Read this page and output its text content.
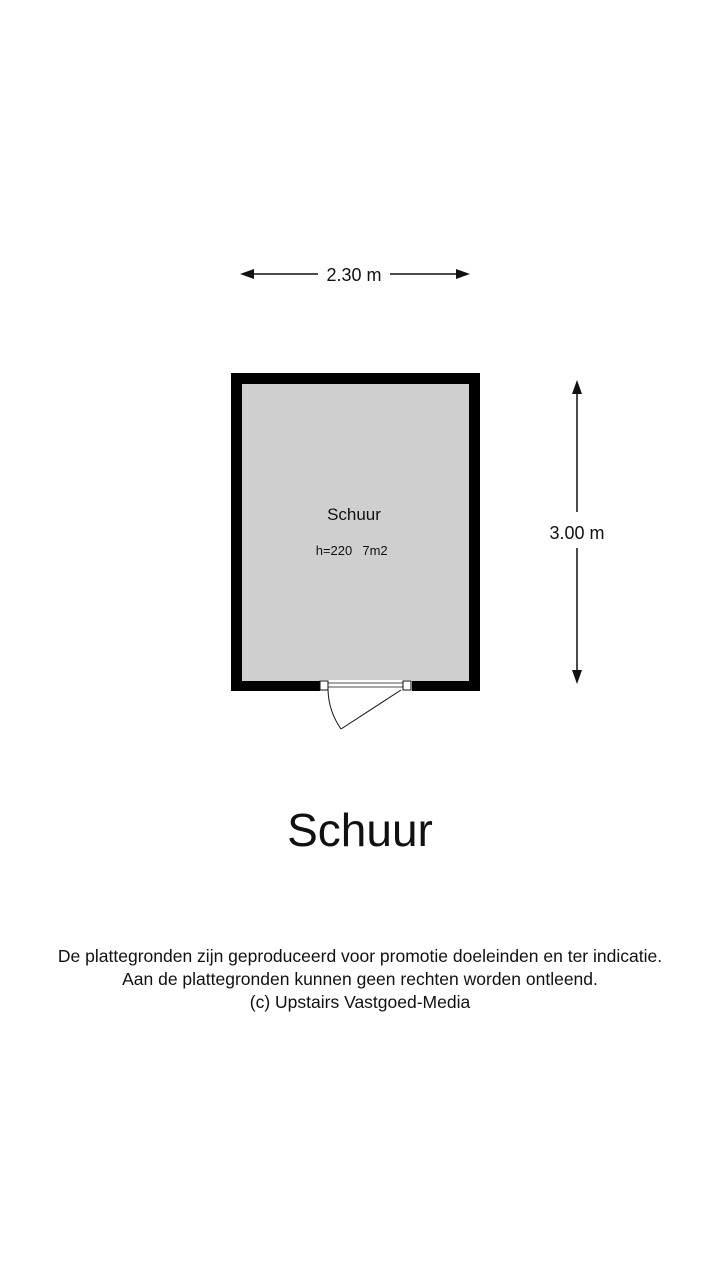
2.30 m
3.00 m
Schuur
h=220 7m2
Schuur
De plattegronden zijn geproduceerd voor promotie doeleinden en ter indicatie.
Aan de plattegronden kunnen geen rechten worden ontleend.
(c) Upstairs Vastgoed-Media
